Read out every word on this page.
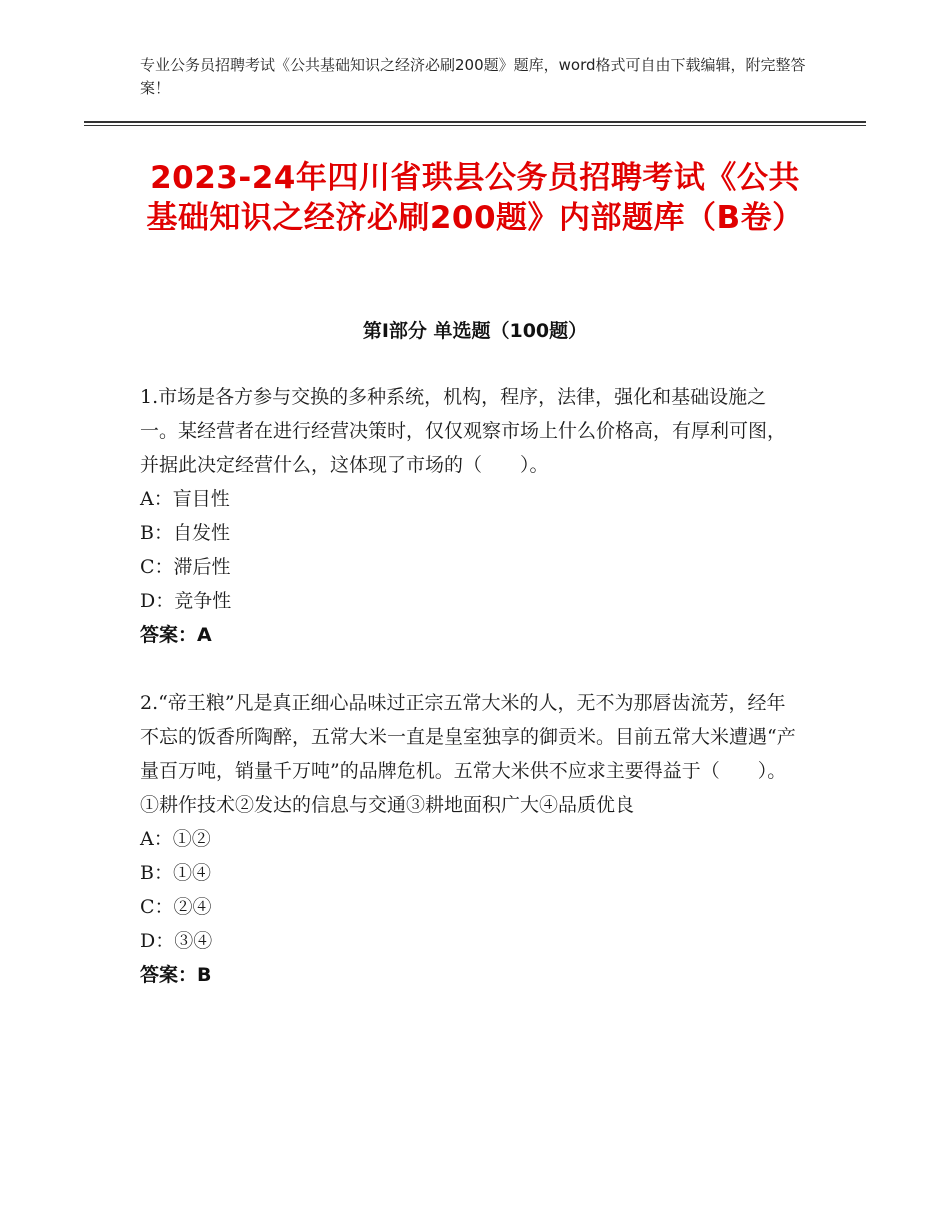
专业公务员招聘考试《公共基础知识之经济必刷200题》题库，word格式可自由下载编辑，附完整答案！
2023-24年四川省珙县公务员招聘考试《公共基础知识之经济必刷200题》内部题库（B卷）
第I部分 单选题（100题）

1.市场是各方参与交换的多种系统，机构，程序，法律，强化和基础设施之一。某经营者在进行经营决策时，仅仅观察市场上什么价格高，有厚利可图，并据此决定经营什么，这体现了市场的（　　）。

A：盲目性

B：自发性

C：滞后性

D：竞争性

答案：A

2.“帝王粮”凡是真正细心品味过正宗五常大米的人，无不为那唇齿流芳，经年不忘的饭香所陶醉，五常大米一直是皇室独享的御贡米。目前五常大米遭遇“产量百万吨，销量千万吨”的品牌危机。五常大米供不应求主要得益于（　　）。①耕作技术②发达的信息与交通③耕地面积广大④品质优良

A：①②

B：①④

C：②④

D：③④

答案：B
